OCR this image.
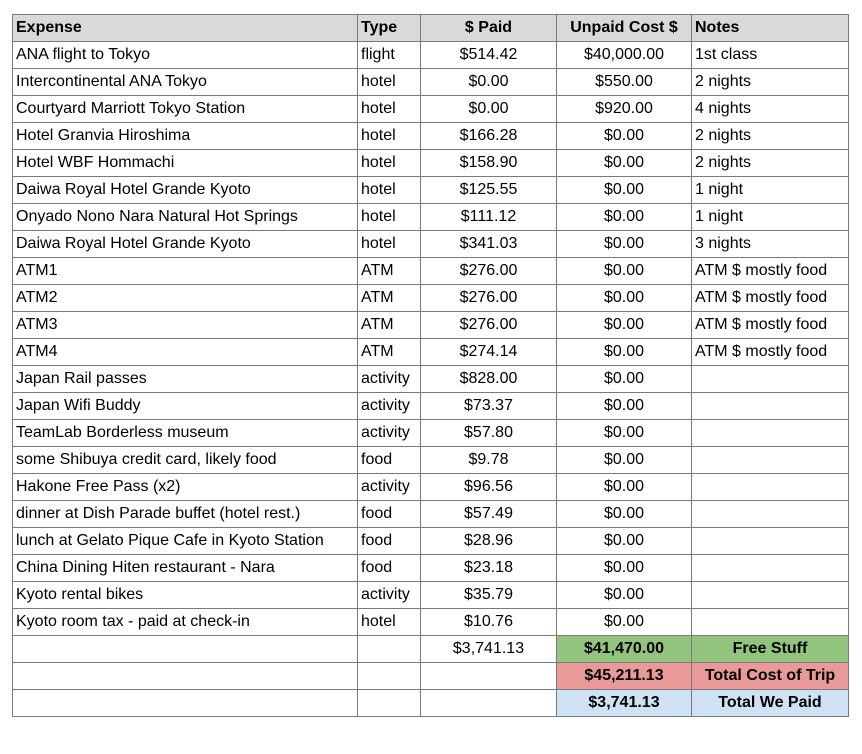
Expense	Type	$ Paid	Unpaid Cost $	Notes
ANA flight to Tokyo	flight	$514.42	$40,000.00	1st class
Intercontinental ANA Tokyo	hotel	$0.00	$550.00	2 nights
Courtyard Marriott Tokyo Station	hotel	$0.00	$920.00	4 nights
Hotel Granvia Hiroshima	hotel	$166.28	$0.00	2 nights
Hotel WBF Hommachi	hotel	$158.90	$0.00	2 nights
Daiwa Royal Hotel Grande Kyoto	hotel	$125.55	$0.00	1 night
Onyado Nono Nara Natural Hot Springs	hotel	$111.12	$0.00	1 night
Daiwa Royal Hotel Grande Kyoto	hotel	$341.03	$0.00	3 nights
ATM1	ATM	$276.00	$0.00	ATM $ mostly food
ATM2	ATM	$276.00	$0.00	ATM $ mostly food
ATM3	ATM	$276.00	$0.00	ATM $ mostly food
ATM4	ATM	$274.14	$0.00	ATM $ mostly food
Japan Rail passes	activity	$828.00	$0.00	
Japan Wifi Buddy	activity	$73.37	$0.00	
TeamLab Borderless museum	activity	$57.80	$0.00	
some Shibuya credit card, likely food	food	$9.78	$0.00	
Hakone Free Pass (x2)	activity	$96.56	$0.00	
dinner at Dish Parade buffet (hotel rest.)	food	$57.49	$0.00	
lunch at Gelato Pique Cafe in Kyoto Station	food	$28.96	$0.00	
China Dining Hiten restaurant - Nara	food	$23.18	$0.00	
Kyoto rental bikes	activity	$35.79	$0.00	
Kyoto room tax - paid at check-in	hotel	$10.76	$0.00	
		$3,741.13	$41,470.00	Free Stuff
			$45,211.13	Total Cost of Trip
			$3,741.13	Total We Paid
